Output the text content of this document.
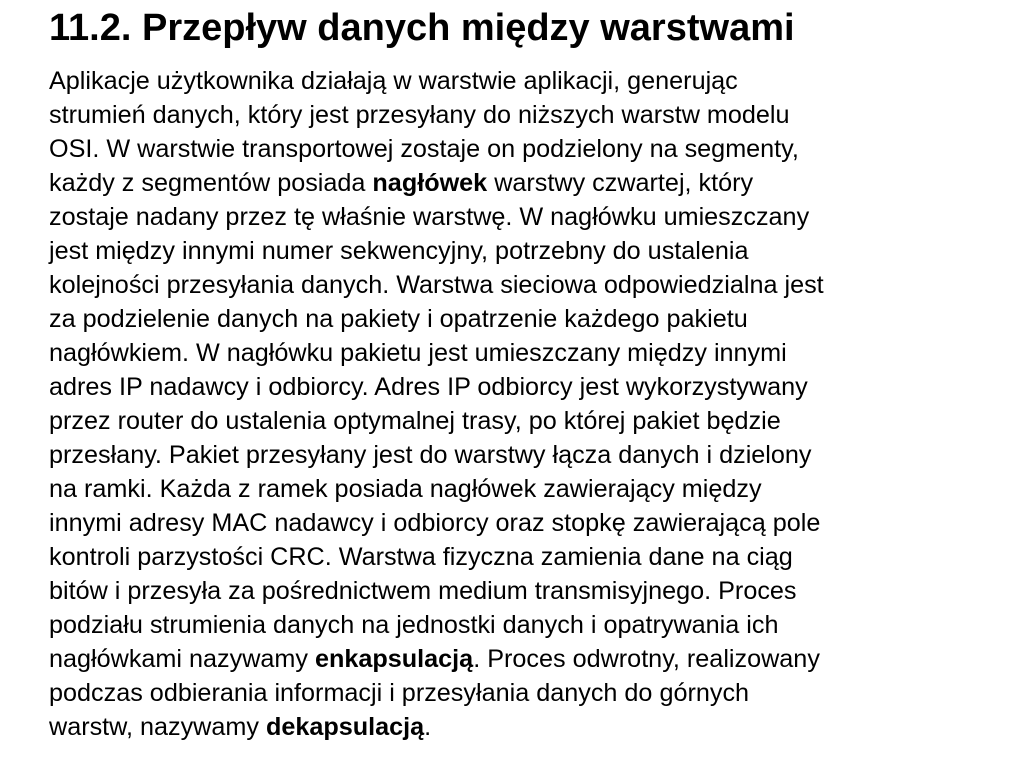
11.2. Przepływ danych między warstwami

Aplikacje użytkownika działają w warstwie aplikacji, generując
strumień danych, który jest przesyłany do niższych warstw modelu
OSI. W warstwie transportowej zostaje on podzielony na segmenty,
każdy z segmentów posiada nagłówek warstwy czwartej, który
zostaje nadany przez tę właśnie warstwę. W nagłówku umieszczany
jest między innymi numer sekwencyjny, potrzebny do ustalenia
kolejności przesyłania danych. Warstwa sieciowa odpowiedzialna jest
za podzielenie danych na pakiety i opatrzenie każdego pakietu
nagłówkiem. W nagłówku pakietu jest umieszczany między innymi
adres IP nadawcy i odbiorcy. Adres IP odbiorcy jest wykorzystywany
przez router do ustalenia optymalnej trasy, po której pakiet będzie
przesłany. Pakiet przesyłany jest do warstwy łącza danych i dzielony
na ramki. Każda z ramek posiada nagłówek zawierający między
innymi adresy MAC nadawcy i odbiorcy oraz stopkę zawierającą pole
kontroli parzystości CRC. Warstwa fizyczna zamienia dane na ciąg
bitów i przesyła za pośrednictwem medium transmisyjnego. Proces
podziału strumienia danych na jednostki danych i opatrywania ich
nagłówkami nazywamy enkapsulacją. Proces odwrotny, realizowany
podczas odbierania informacji i przesyłania danych do górnych
warstw, nazywamy dekapsulacją.
